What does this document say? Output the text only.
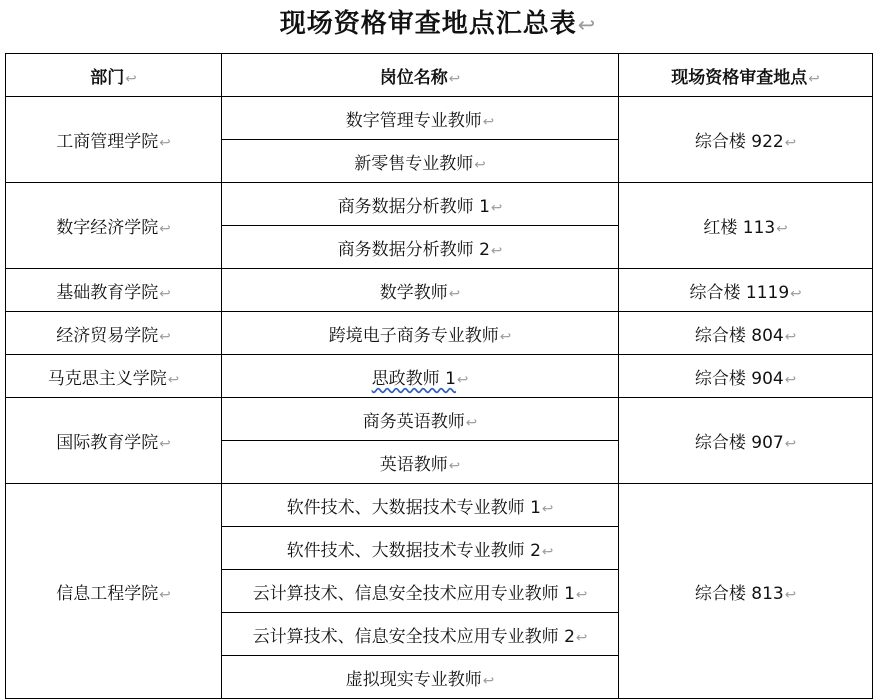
现场资格审查地点汇总表↩
部门↩	岗位名称↩	现场资格审查地点↩
工商管理学院↩	数字管理专业教师↩	综合楼 922↩
	新零售专业教师↩	
数字经济学院↩	商务数据分析教师 1↩	红楼 113↩
	商务数据分析教师 2↩	
基础教育学院↩	数学教师↩	综合楼 1119↩
经济贸易学院↩	跨境电子商务专业教师↩	综合楼 804↩
马克思主义学院↩	思政教师 1↩	综合楼 904↩
国际教育学院↩	商务英语教师↩	综合楼 907↩
	英语教师↩	
信息工程学院↩	软件技术、大数据技术专业教师 1↩	综合楼 813↩
	软件技术、大数据技术专业教师 2↩	
	云计算技术、信息安全技术应用专业教师 1↩	
	云计算技术、信息安全技术应用专业教师 2↩	
	虚拟现实专业教师↩	
